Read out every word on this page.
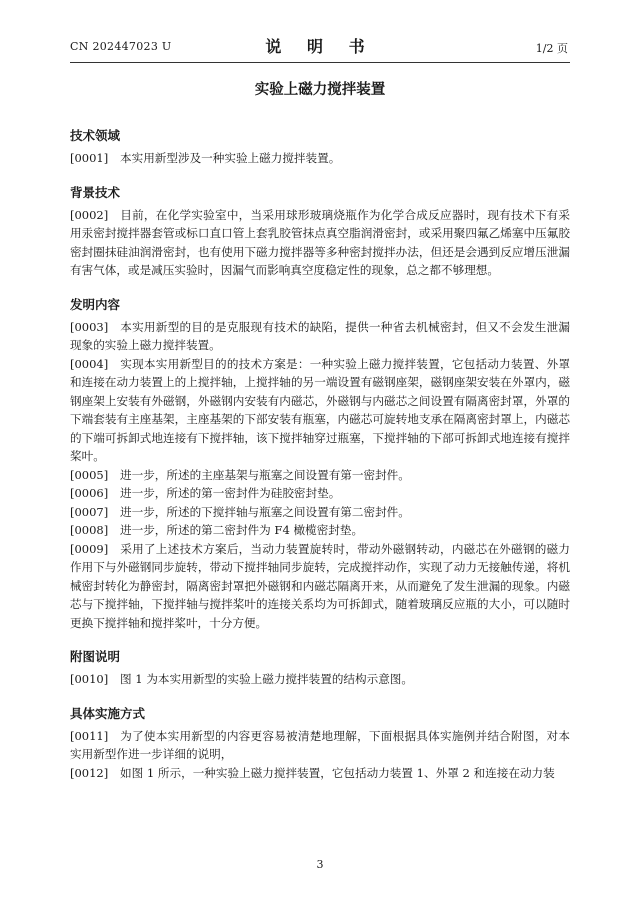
CN 202447023 U	说 明 书	1/2 页
实验上磁力搅拌装置
技术领域

[0001] 本实用新型涉及一种实验上磁力搅拌装置。

背景技术

[0002] 目前，在化学实验室中，当采用球形玻璃烧瓶作为化学合成反应器时，现有技术下有采用汞密封搅拌器套管或标口直口管上套乳胶管抹点真空脂润滑密封，或采用聚四氟乙烯塞中压氟胶密封圈抹硅油润滑密封，也有使用下磁力搅拌器等多种密封搅拌办法，但还是会遇到反应增压泄漏有害气体，或是减压实验时，因漏气而影响真空度稳定性的现象，总之都不够理想。

发明内容

[0003] 本实用新型的目的是克服现有技术的缺陷，提供一种省去机械密封，但又不会发生泄漏现象的实验上磁力搅拌装置。

[0004] 实现本实用新型目的的技术方案是：一种实验上磁力搅拌装置，它包括动力装置、外罩和连接在动力装置上的上搅拌轴，上搅拌轴的另一端设置有磁钢座架，磁钢座架安装在外罩内，磁钢座架上安装有外磁钢，外磁钢内安装有内磁芯，外磁钢与内磁芯之间设置有隔离密封罩，外罩的下端套装有主座基架，主座基架的下部安装有瓶塞，内磁芯可旋转地支承在隔离密封罩上，内磁芯的下端可拆卸式地连接有下搅拌轴，该下搅拌轴穿过瓶塞，下搅拌轴的下部可拆卸式地连接有搅拌桨叶。

[0005] 进一步，所述的主座基架与瓶塞之间设置有第一密封件。

[0006] 进一步，所述的第一密封件为硅胶密封垫。

[0007] 进一步，所述的下搅拌轴与瓶塞之间设置有第二密封件。

[0008] 进一步，所述的第二密封件为 F4 橄榄密封垫。

[0009] 采用了上述技术方案后，当动力装置旋转时，带动外磁钢转动，内磁芯在外磁钢的磁力作用下与外磁钢同步旋转，带动下搅拌轴同步旋转，完成搅拌动作，实现了动力无接触传递，将机械密封转化为静密封，隔离密封罩把外磁钢和内磁芯隔离开来，从而避免了发生泄漏的现象。内磁芯与下搅拌轴，下搅拌轴与搅拌桨叶的连接关系均为可拆卸式，随着玻璃反应瓶的大小，可以随时更换下搅拌轴和搅拌桨叶，十分方便。

附图说明

[0010] 图 1 为本实用新型的实验上磁力搅拌装置的结构示意图。

具体实施方式

[0011] 为了使本实用新型的内容更容易被清楚地理解，下面根据具体实施例并结合附图，对本实用新型作进一步详细的说明，

[0012] 如图 1 所示，一种实验上磁力搅拌装置，它包括动力装置 1、外罩 2 和连接在动力装

3
